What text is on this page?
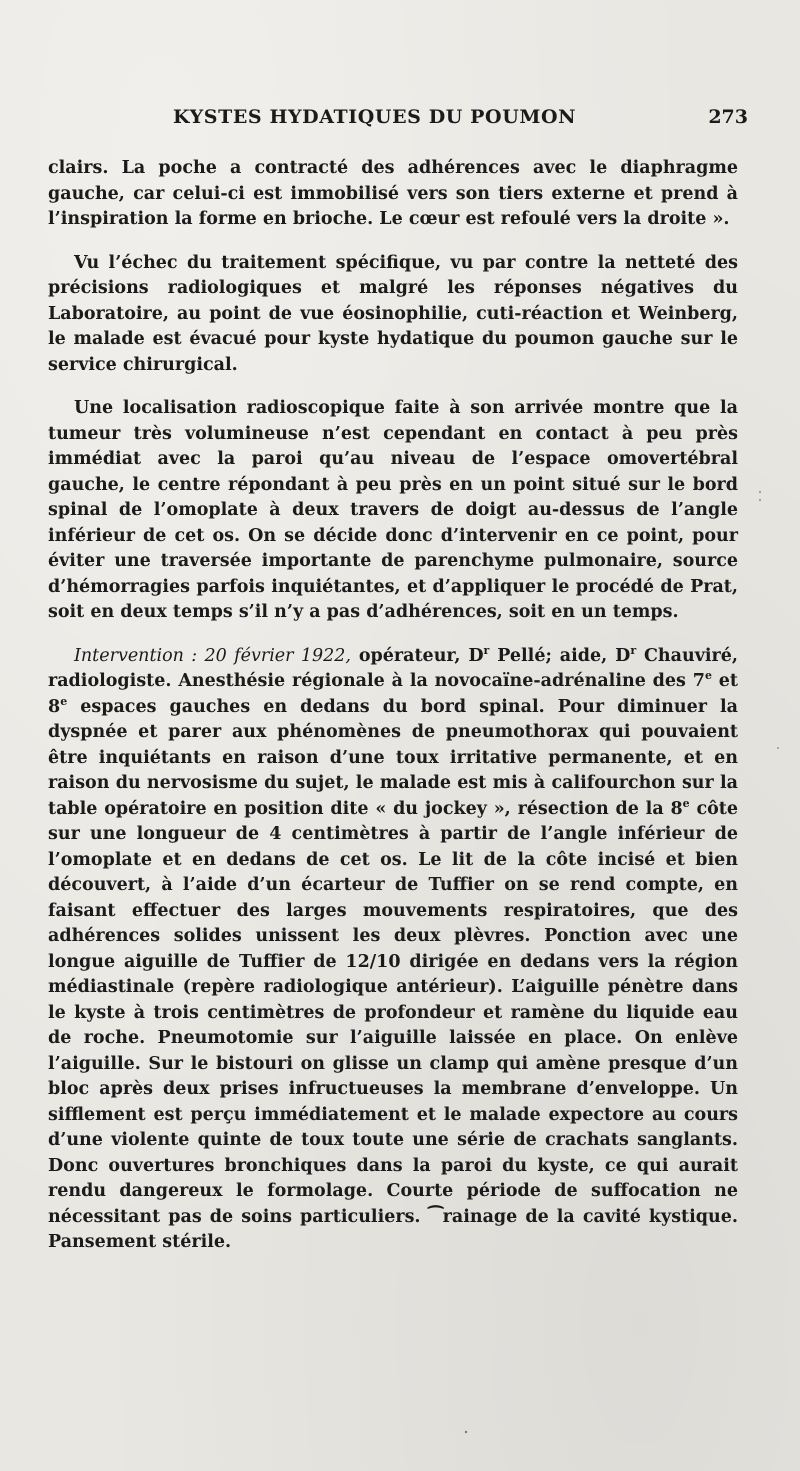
KYSTES HYDATIQUES DU POUMON	273

clairs. La poche a contracté des adhérences avec le diaphragme gauche, car celui-ci est immobilisé vers son tiers externe et prend à l’inspiration la forme en brioche. Le cœur est refoulé vers la droite ».

Vu l’échec du traitement spécifique, vu par contre la netteté des précisions radiologiques et malgré les réponses négatives du Laboratoire, au point de vue éosinophilie, cuti-réaction et Weinberg, le malade est évacué pour kyste hydatique du poumon gauche sur le service chirurgical.

Une localisation radioscopique faite à son arrivée montre que la tumeur très volumineuse n’est cependant en contact à peu près immédiat avec la paroi qu’au niveau de l’espace omovertébral gauche, le centre répondant à peu près en un point situé sur le bord spinal de l’omoplate à deux travers de doigt au-dessus de l’angle inférieur de cet os. On se décide donc d’intervenir en ce point, pour éviter une traversée importante de parenchyme pulmonaire, source d’hémorragies parfois inquiétantes, et d’appliquer le procédé de Prat, soit en deux temps s’il n’y a pas d’adhérences, soit en un temps.

Intervention : 20 février 1922, opérateur, $D^r$ Pellé; aide, $D^r$ Chauviré, radiologiste. Anesthésie régionale à la novocaïne-adrénaline des 7e et 8e espaces gauches en dedans du bord spinal. Pour diminuer la dyspnée et parer aux phénomènes de pneumothorax qui pouvaient être inquiétants en raison d’une toux irritative permanente, et en raison du nervosisme du sujet, le malade est mis à califourchon sur la table opératoire en position dite « du jockey », résection de la 8e côte sur une longueur de 4 centimètres à partir de l’angle inférieur de l’omoplate et en dedans de cet os. Le lit de la côte incisé et bien découvert, à l’aide d’un écarteur de Tuffier on se rend compte, en faisant effectuer des larges mouvements respiratoires, que des adhérences solides unissent les deux plèvres. Ponction avec une longue aiguille de Tuffier de 12/10 dirigée en dedans vers la région médiastinale (repère radiologique antérieur). L’aiguille pénètre dans le kyste à trois centimètres de profondeur et ramène du liquide eau de roche. Pneumotomie sur l’aiguille laissée en place. On enlève l’aiguille. Sur le bistouri on glisse un clamp qui amène presque d’un bloc après deux prises infructueuses la membrane d’enveloppe. Un sifflement est perçu immédiatement et le malade expectore au cours d’une violente quinte de toux toute une série de crachats sanglants. Donc ouvertures bronchiques dans la paroi du kyste, ce qui aurait rendu dangereux le formolage. Courte période de suffocation ne nécessitant pas de soins particuliers. ⁀rainage de la cavité kystique. Pansement stérile.
